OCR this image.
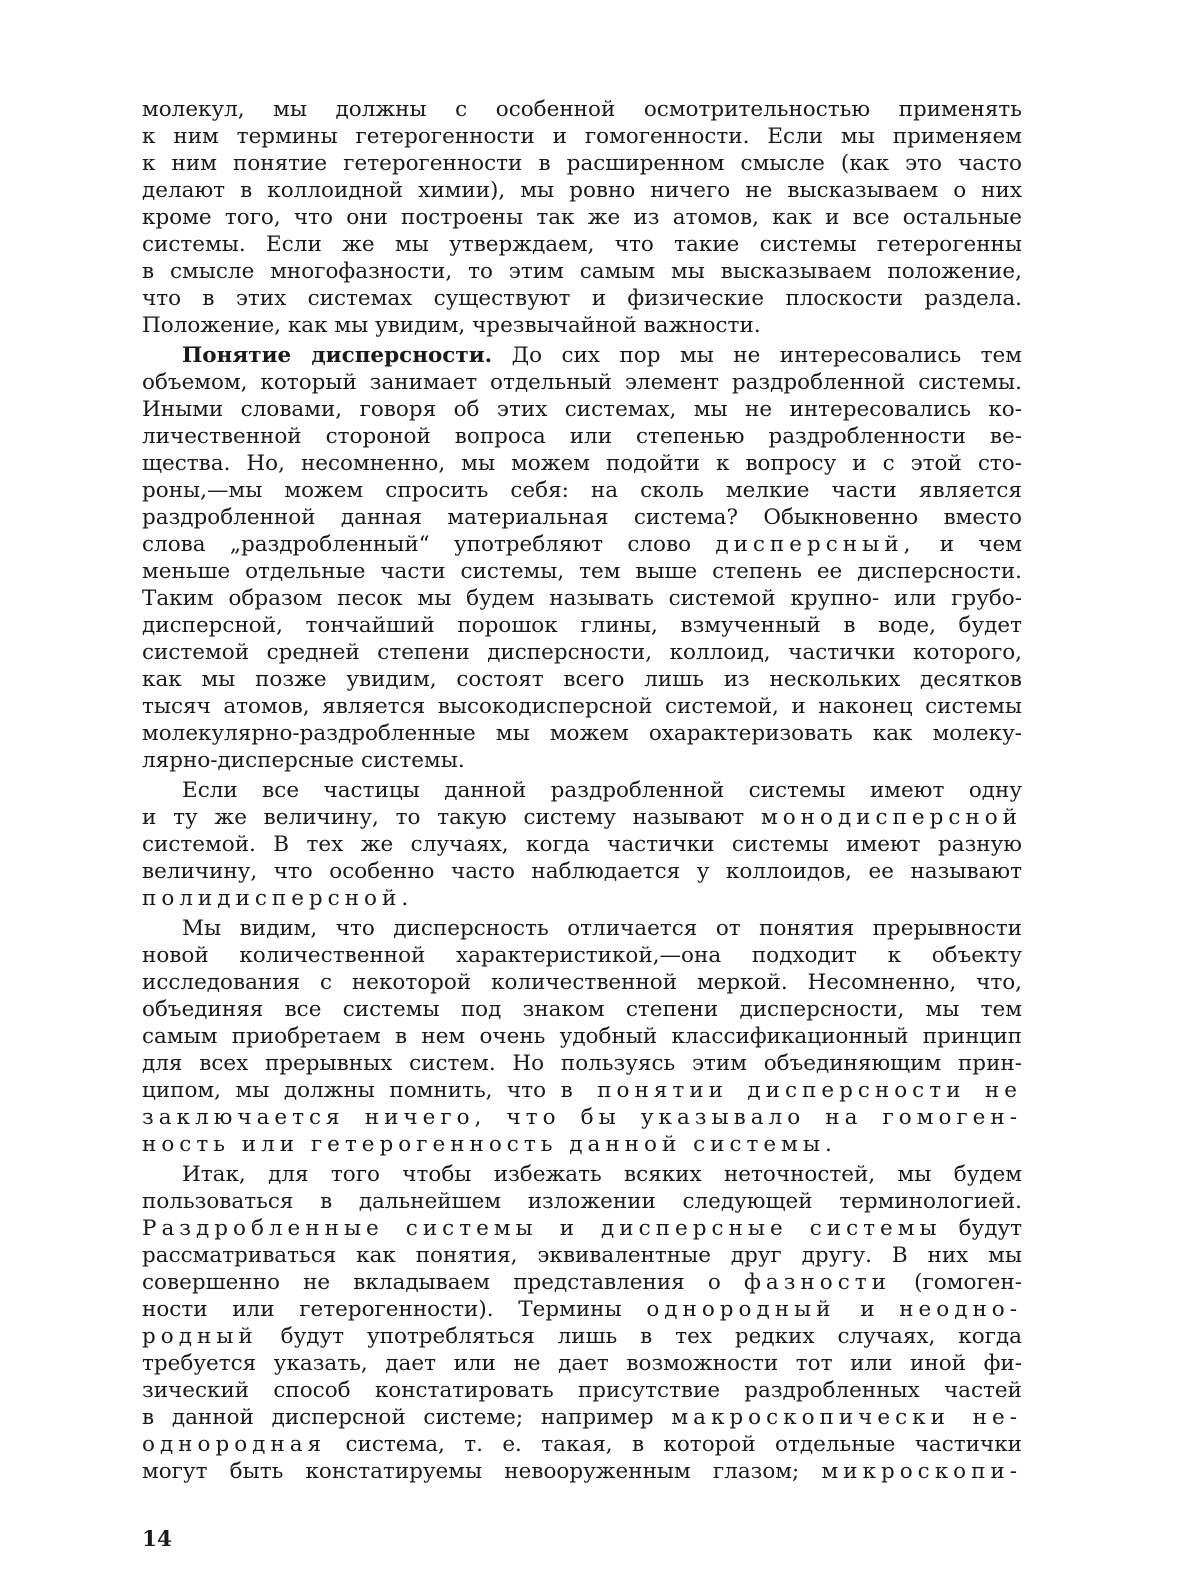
молекул, мы должны с особенной осмотрительностью применять
к ним термины гетерогенности и гомогенности. Если мы применяем
к ним понятие гетерогенности в расширенном смысле (как это часто
делают в коллоидной химии), мы ровно ничего не высказываем о них
кроме того, что они построены так же из атомов, как и все остальные
системы. Если же мы утверждаем, что такие системы гетерогенны
в смысле многофазности, то этим самым мы высказываем положение,
что в этих системах существуют и физические плоскости раздела.
Положение, как мы увидим, чрезвычайной важности.
Понятие дисперсности. До сих пор мы не интересовались тем
объемом, который занимает отдельный элемент раздробленной системы.
Иными словами, говоря об этих системах, мы не интересовались ко-
личественной стороной вопроса или степенью раздробленности ве-
щества. Но, несомненно, мы можем подойти к вопросу и с этой сто-
роны,—мы можем спросить себя: на сколь мелкие части является
раздробленной данная материальная система? Обыкновенно вместо
слова „раздробленный“ употребляют слово дисперсный, и чем
меньше отдельные части системы, тем выше степень ее дисперсности.
Таким образом песок мы будем называть системой крупно- или грубо-
дисперсной, тончайший порошок глины, взмученный в воде, будет
системой средней степени дисперсности, коллоид, частички которого,
как мы позже увидим, состоят всего лишь из нескольких десятков
тысяч атомов, является высокодисперсной системой, и наконец системы
молекулярно-раздробленные мы можем охарактеризовать как молеку-
лярно-дисперсные системы.
Если все частицы данной раздробленной системы имеют одну
и ту же величину, то такую систему называют монодисперсной
системой. В тех же случаях, когда частички системы имеют разную
величину, что особенно часто наблюдается у коллоидов, ее называют
полидисперсной.
Мы видим, что дисперсность отличается от понятия прерывности
новой количественной характеристикой,—она подходит к объекту
исследования с некоторой количественной меркой. Несомненно, что,
объединяя все системы под знаком степени дисперсности, мы тем
самым приобретаем в нем очень удобный классификационный принцип
для всех прерывных систем. Но пользуясь этим объединяющим прин-
ципом, мы должны помнить, что в понятии дисперсности не
заключается ничего, что бы указывало на гомоген-
ность или гетерогенность данной системы.
Итак, для того чтобы избежать всяких неточностей, мы будем
пользоваться в дальнейшем изложении следующей терминологией.
Раздробленные системы и дисперсные системы будут
рассматриваться как понятия, эквивалентные друг другу. В них мы
совершенно не вкладываем представления о фазности (гомоген-
ности или гетерогенности). Термины однородный и неодно-
родный будут употребляться лишь в тех редких случаях, когда
требуется указать, дает или не дает возможности тот или иной фи-
зический способ констатировать присутствие раздробленных частей
в данной дисперсной системе; например макроскопически не-
однородная система, т. е. такая, в которой отдельные частички
могут быть констатируемы невооруженным глазом; микроскопи-
14
